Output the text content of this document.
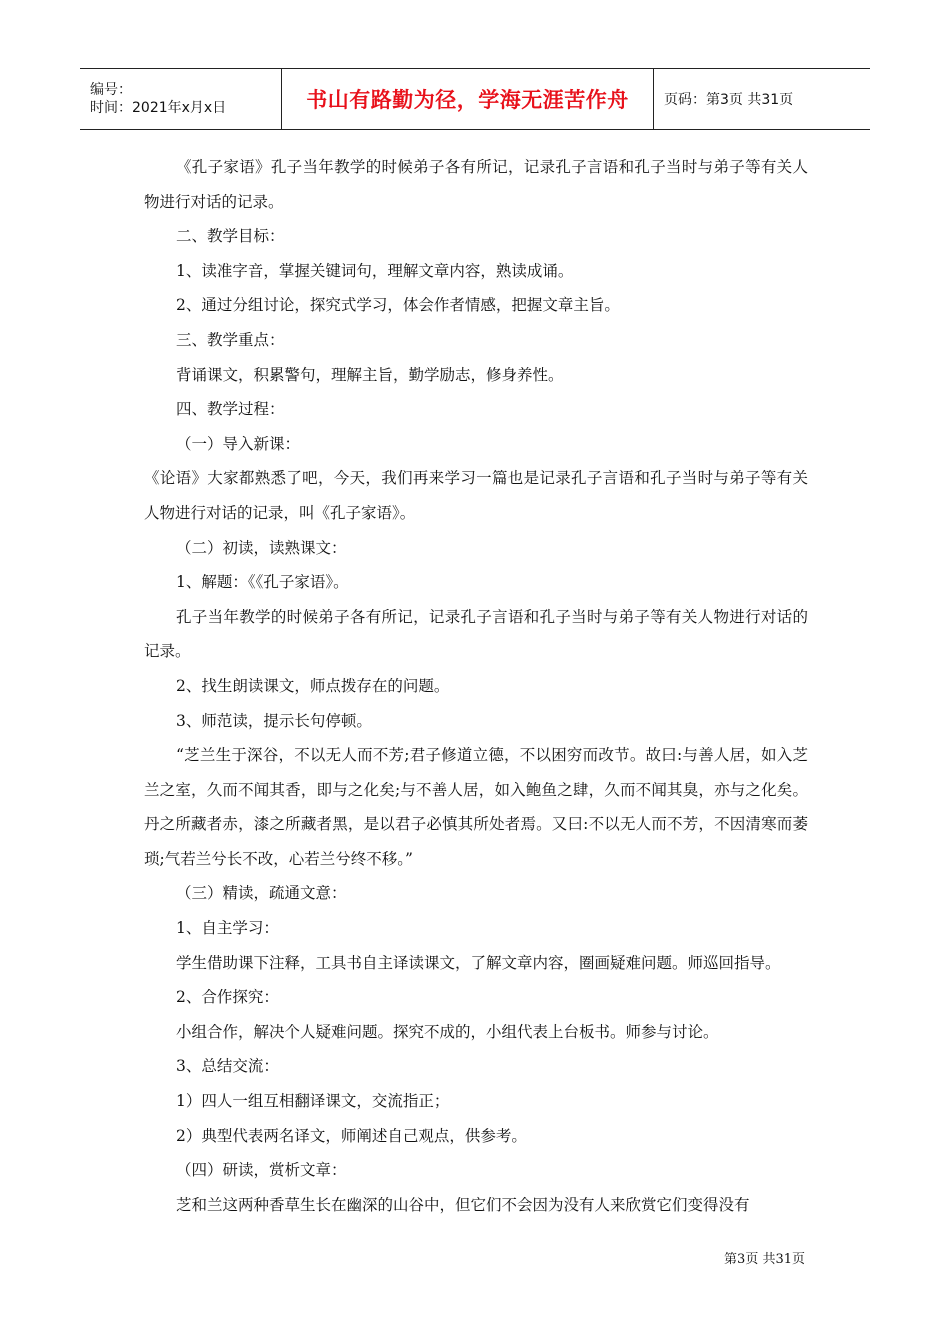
编号：
时间：2021年x月x日	书山有路勤为径，学海无涯苦作舟	页码：第3页 共31页

《孔子家语》孔子当年教学的时候弟子各有所记，记录孔子言语和孔子当时与弟子等有关人物进行对话的记录。

二、教学目标：

1、读准字音，掌握关键词句，理解文章内容，熟读成诵。

2、通过分组讨论，探究式学习，体会作者情感，把握文章主旨。

三、教学重点：

背诵课文，积累警句，理解主旨，勤学励志，修身养性。

四、教学过程：

（一）导入新课：

《论语》大家都熟悉了吧，今天，我们再来学习一篇也是记录孔子言语和孔子当时与弟子等有关人物进行对话的记录，叫《孔子家语》。

（二）初读，读熟课文：

1、解题：《《孔子家语》。

孔子当年教学的时候弟子各有所记，记录孔子言语和孔子当时与弟子等有关人物进行对话的记录。

2、找生朗读课文，师点拨存在的问题。

3、师范读，提示长句停顿。

“芝兰生于深谷，不以无人而不芳;君子修道立德，不以困穷而改节。故曰:与善人居，如入芝兰之室，久而不闻其香，即与之化矣;与不善人居，如入鲍鱼之肆，久而不闻其臭，亦与之化矣。丹之所藏者赤，漆之所藏者黑，是以君子必慎其所处者焉。又曰:不以无人而不芳，不因清寒而萎琐;气若兰兮长不改，心若兰兮终不移。”

（三）精读，疏通文意：

1、自主学习：

学生借助课下注释，工具书自主译读课文，了解文章内容，圈画疑难问题。师巡回指导。

2、合作探究：

小组合作，解决个人疑难问题。探究不成的，小组代表上台板书。师参与讨论。

3、总结交流：

1）四人一组互相翻译课文，交流指正；

2）典型代表两名译文，师阐述自己观点，供参考。

（四）研读，赏析文章：

芝和兰这两种香草生长在幽深的山谷中，但它们不会因为没有人来欣赏它们变得没有

第3页 共31页
